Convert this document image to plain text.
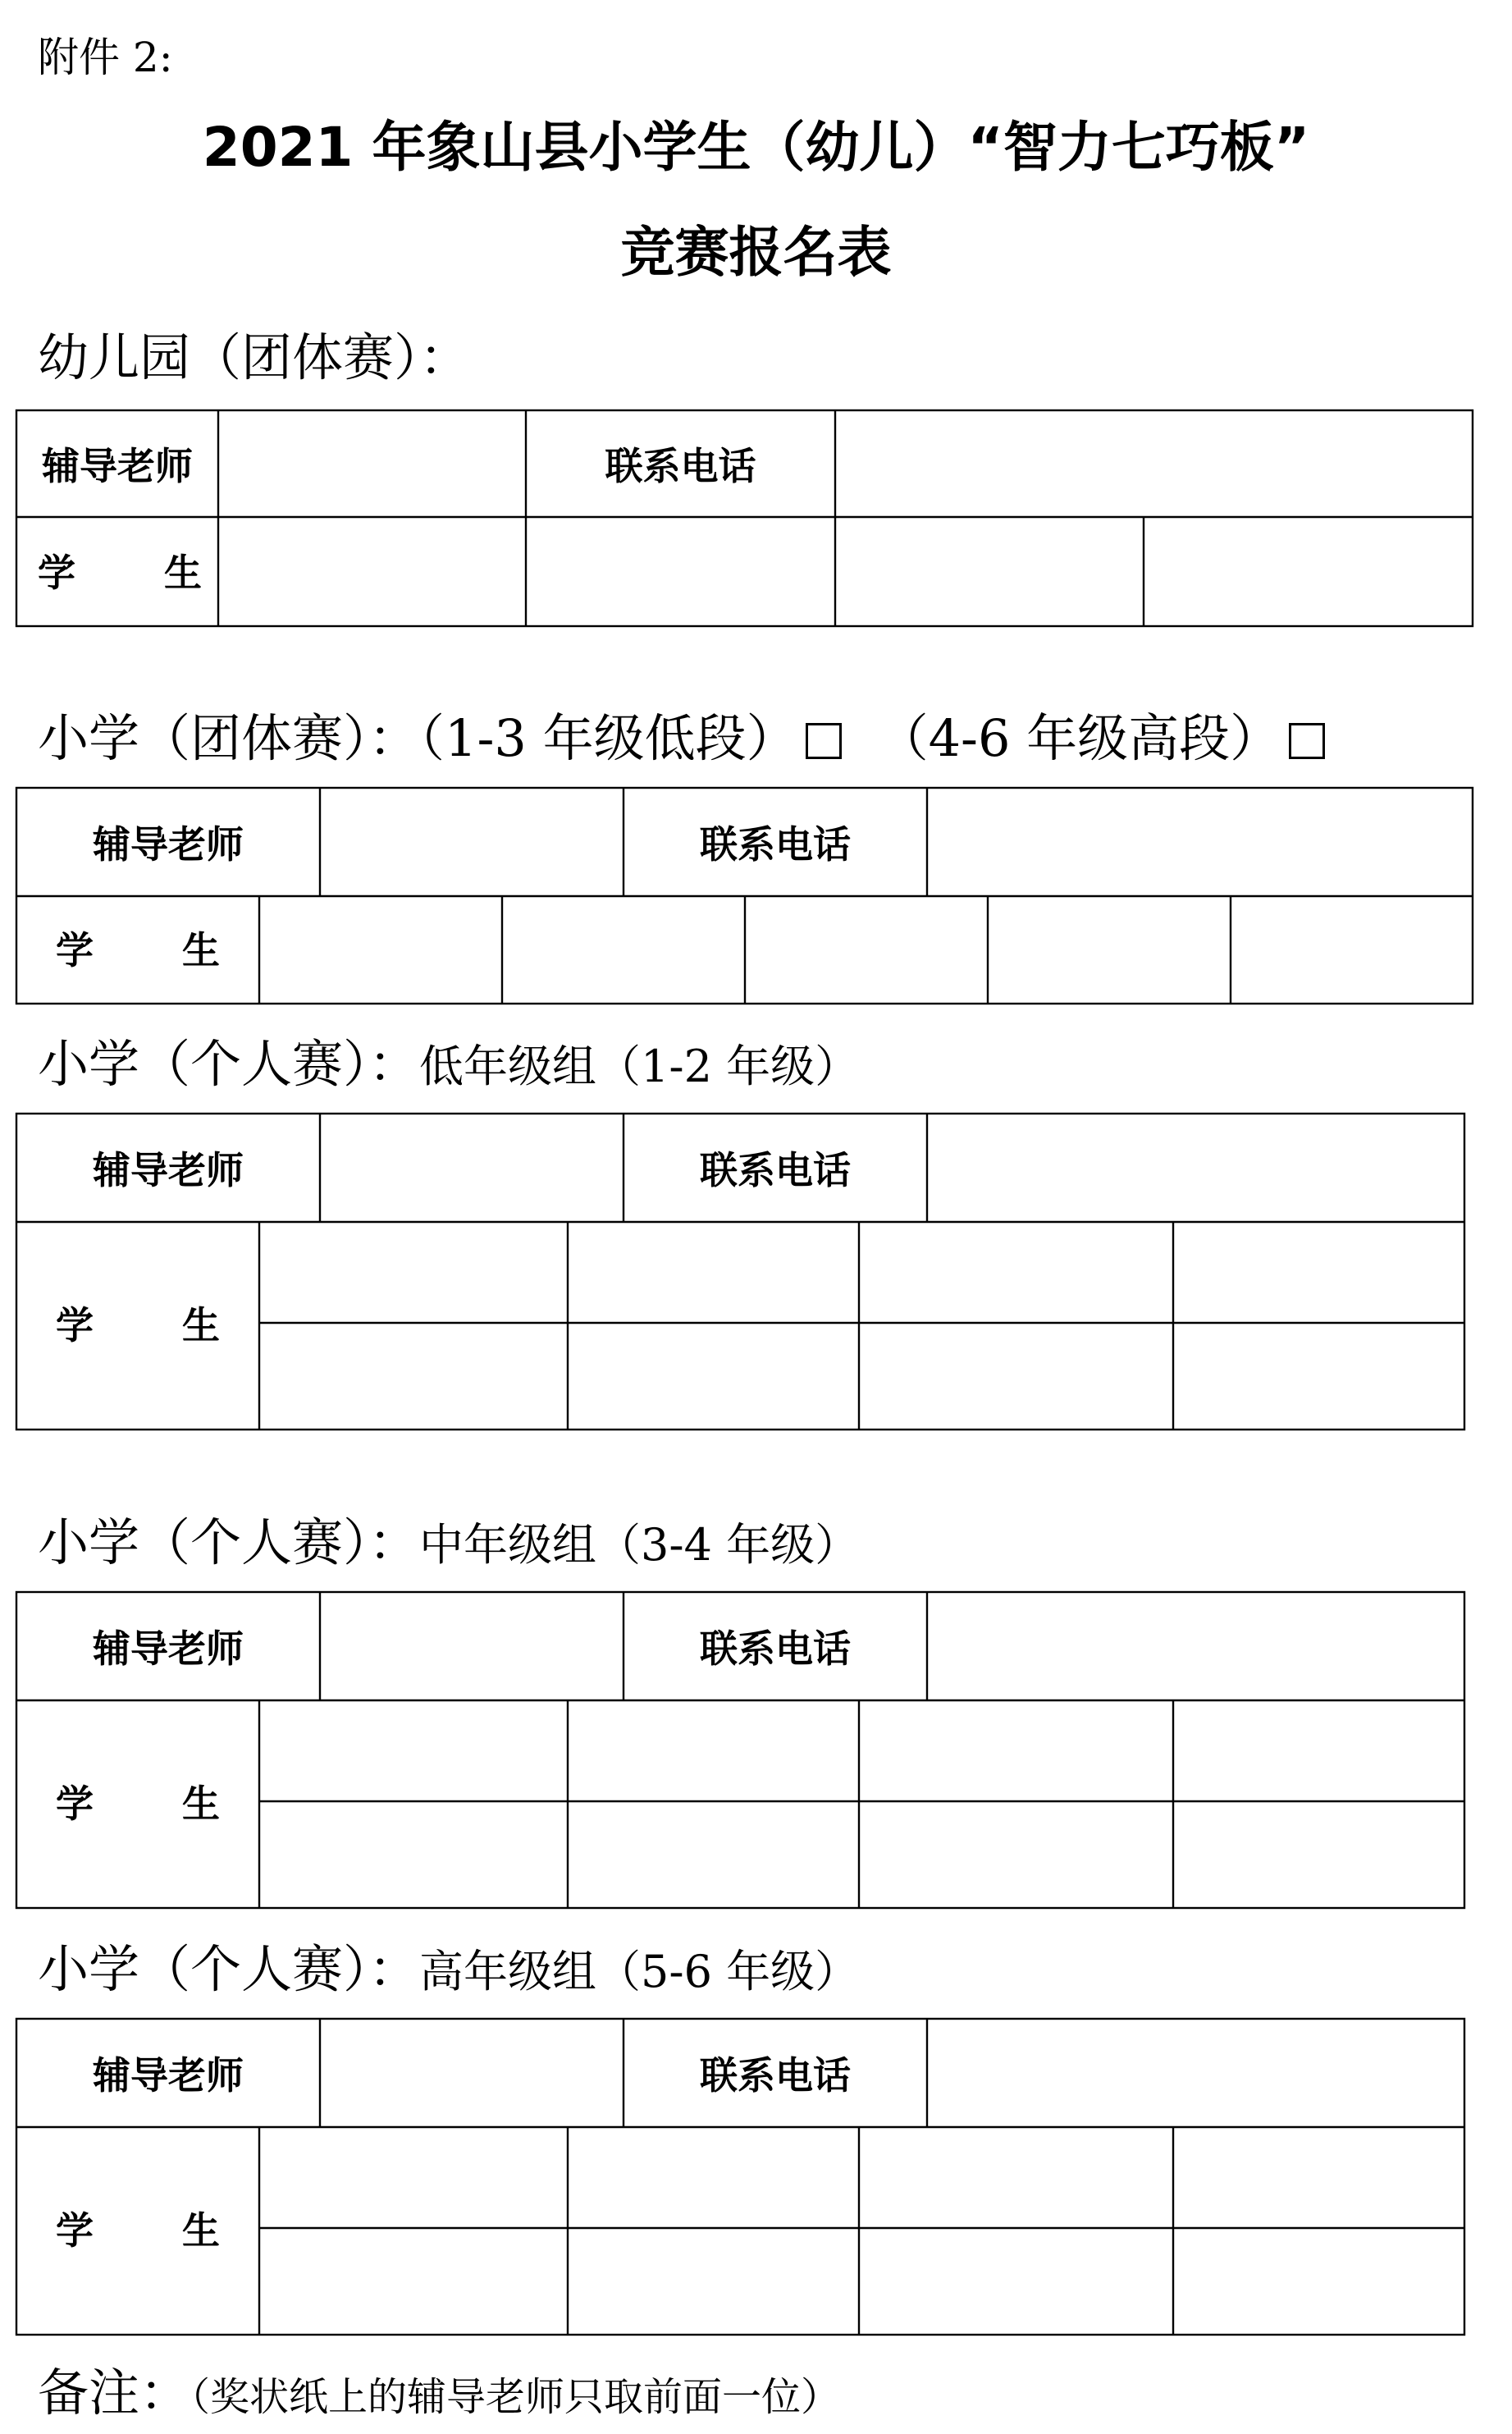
附件 2:
2021 年象山县小学生（幼儿）“智力七巧板”
竞赛报名表
幼儿园（团体赛）：
小学（团体赛）：（1-3 年级低段） （4-6 年级高段）
小学（个人赛）：低年级组（1-2 年级）
小学（个人赛）：中年级组（3-4 年级）
小学（个人赛）：高年级组（5-6 年级）
辅导老师	联系电话
学 生
辅导老师	联系电话
学 生
辅导老师	联系电话
学 生
辅导老师	联系电话
学 生
辅导老师	联系电话
学 生
备注：（奖状纸上的辅导老师只取前面一位）
